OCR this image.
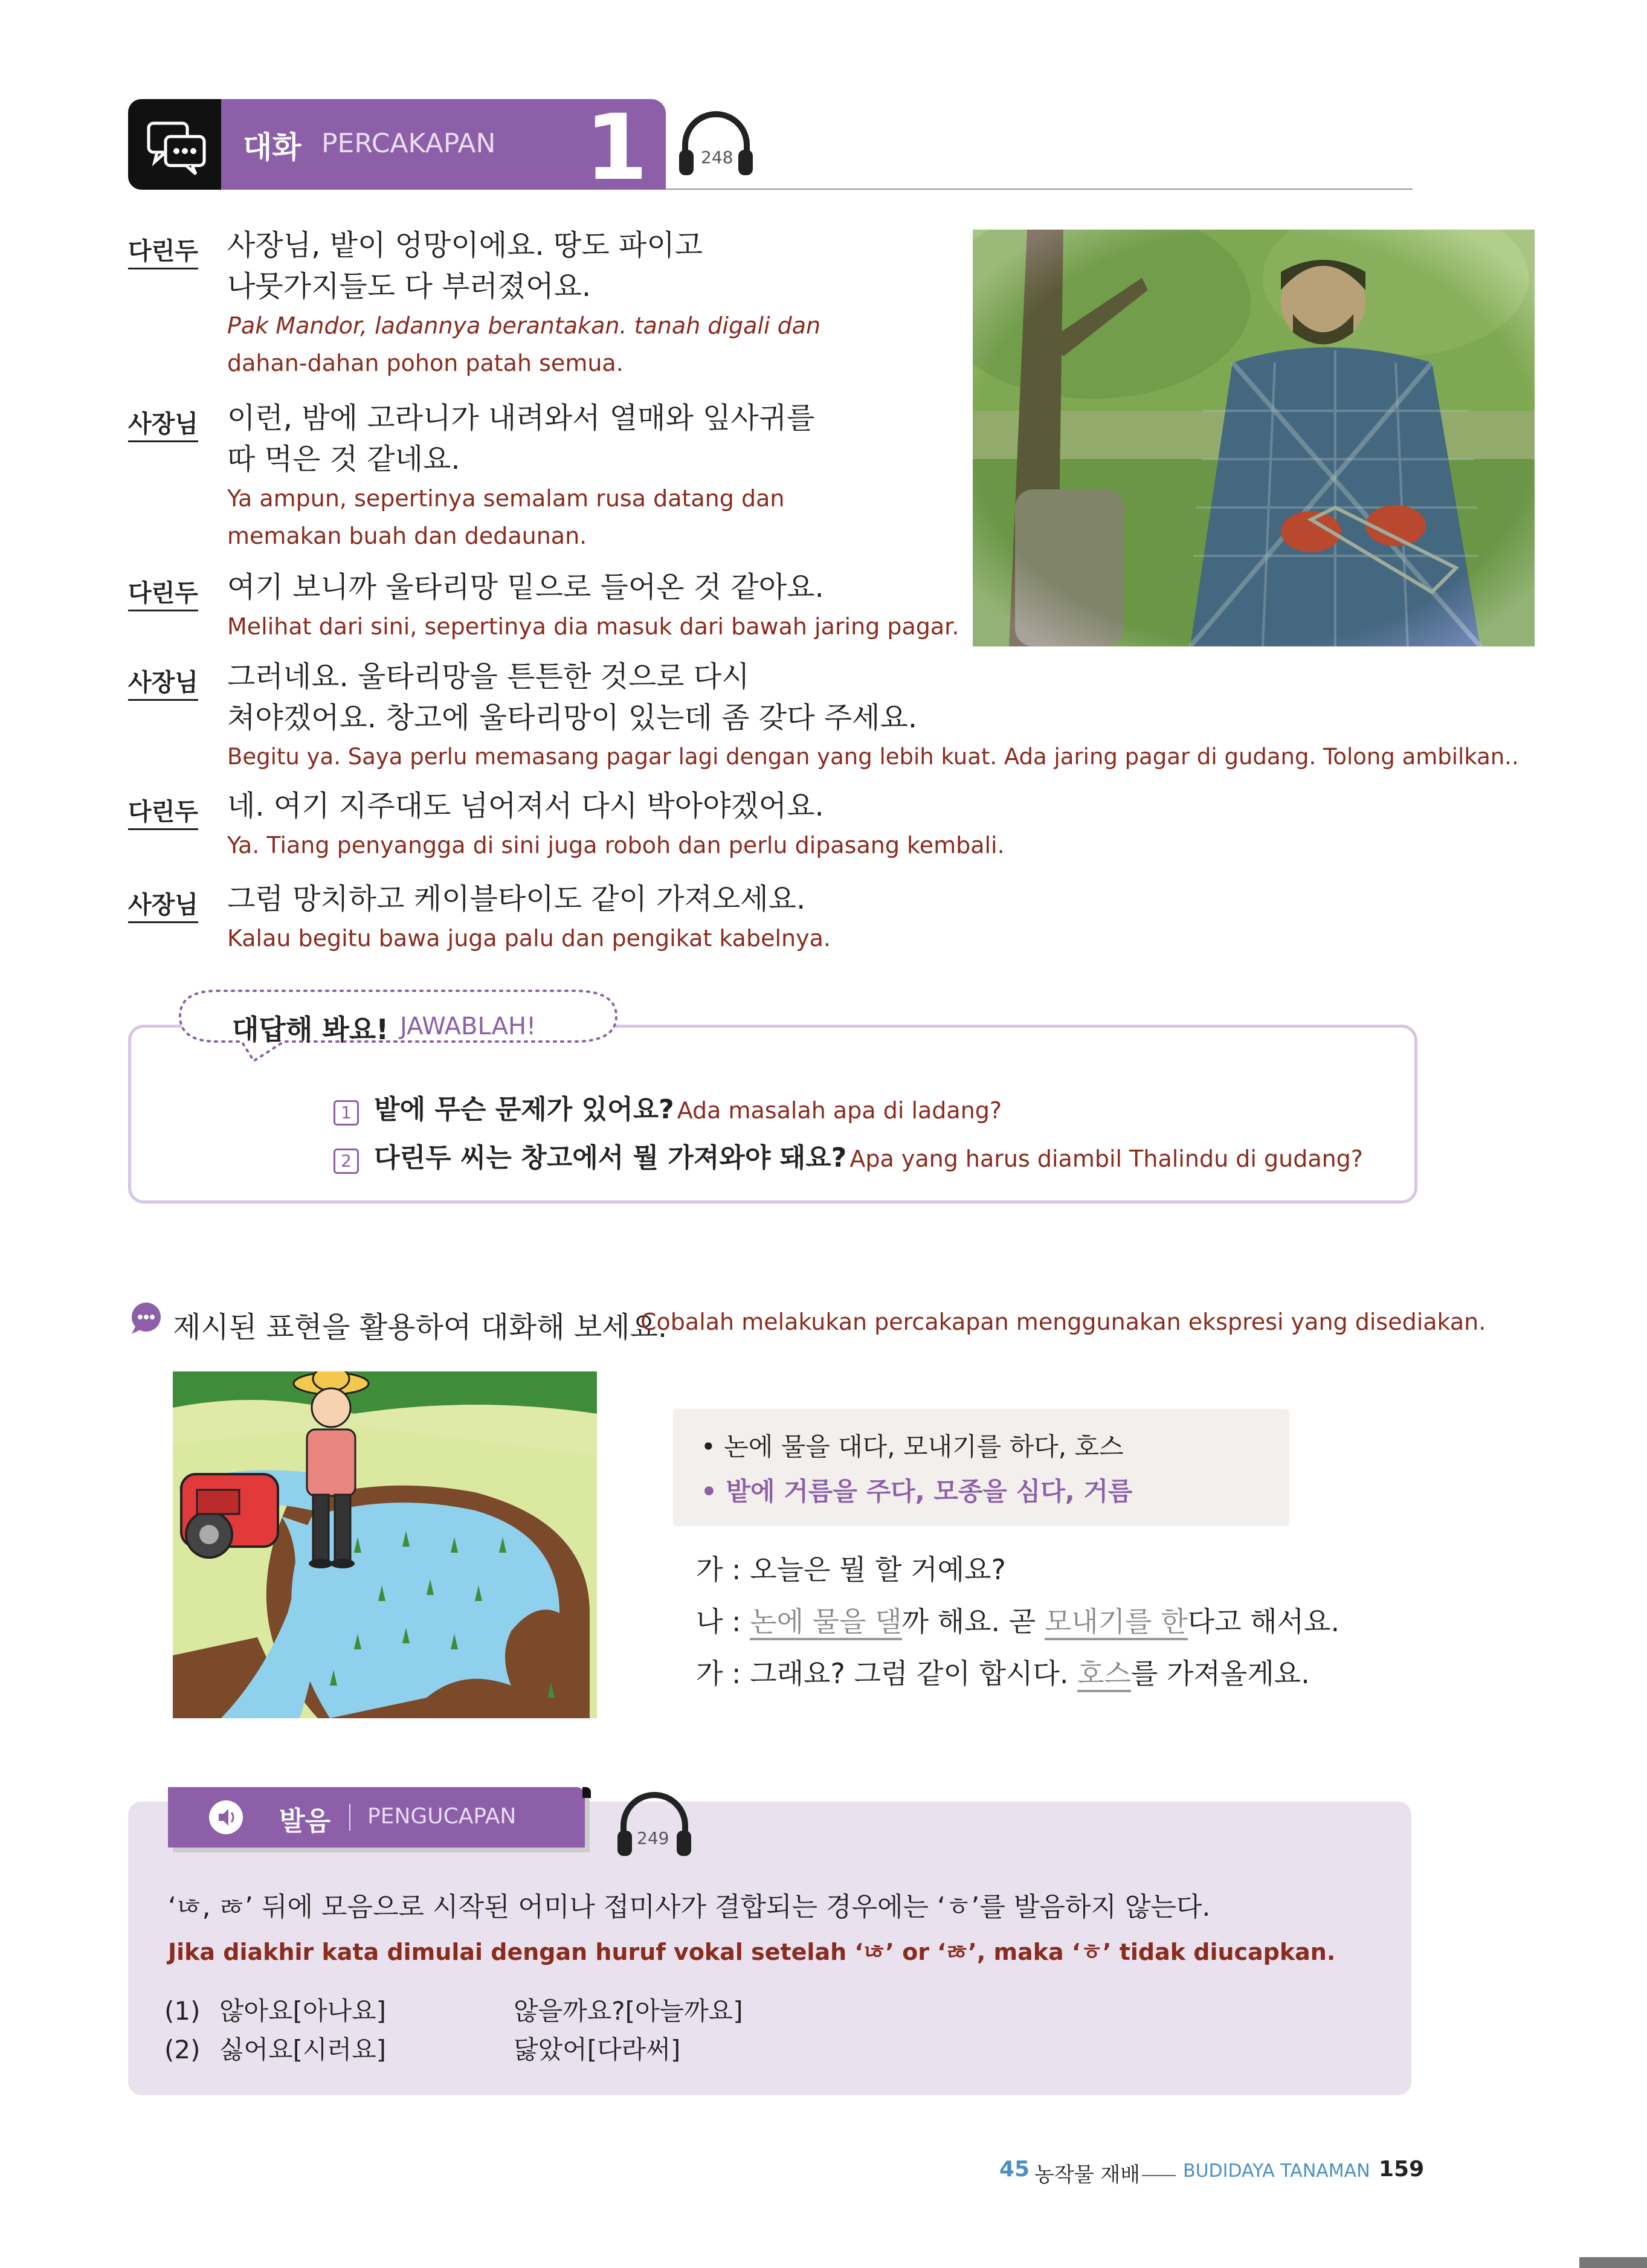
대화 PERCAKAPAN 1	248
다린두 사장님, 밭이 엉망이에요. 땅도 파이고
나뭇가지들도 다 부러졌어요.
Pak Mandor, ladannya berantakan. tanah digali dan
dahan-dahan pohon patah semua.
사장님 이런, 밤에 고라니가 내려와서 열매와 잎사귀를
따 먹은 것 같네요.
Ya ampun, sepertinya semalam rusa datang dan
memakan buah dan dedaunan.
다린두 여기 보니까 울타리망 밑으로 들어온 것 같아요.
Melihat dari sini, sepertinya dia masuk dari bawah jaring pagar.
사장님 그러네요. 울타리망을 튼튼한 것으로 다시
쳐야겠어요. 창고에 울타리망이 있는데 좀 갖다 주세요.
Begitu ya. Saya perlu memasang pagar lagi dengan yang lebih kuat. Ada jaring pagar di gudang. Tolong ambilkan..
다린두 네. 여기 지주대도 넘어져서 다시 박아야겠어요.
Ya. Tiang penyangga di sini juga roboh dan perlu dipasang kembali.
사장님 그럼 망치하고 케이블타이도 같이 가져오세요.
Kalau begitu bawa juga palu dan pengikat kabelnya.
대답해 봐요! JAWABLAH!
1 밭에 무슨 문제가 있어요? Ada masalah apa di ladang?
2 다린두 씨는 창고에서 뭘 가져와야 돼요? Apa yang harus diambil Thalindu di gudang?
제시된 표현을 활용하여 대화해 보세요.
Cobalah melakukan percakapan menggunakan ekspresi yang disediakan.
• 논에 물을 대다, 모내기를 하다, 호스
• 밭에 거름을 주다, 모종을 심다, 거름
가 : 오늘은 뭘 할 거예요?
나 : 논에 물을 댈까 해요. 곧 모내기를 한다고 해서요.
가 : 그래요? 그럼 같이 합시다. 호스를 가져올게요.
발음 PENGUCAPAN
249
‘ㄶ, ㅀ’ 뒤에 모음으로 시작된 어미나 접미사가 결합되는 경우에는 ‘ㅎ’를 발음하지 않는다.
Jika diakhir kata dimulai dengan huruf vokal setelah ‘ㄶ’ or ‘ㅀ’, maka ‘ㅎ’ tidak diucapkan.
(1) 않아요[아나요]	않을까요?[아늘까요]
(2) 싫어요[시러요]	닳았어[다라써]
45 농작물 재배 BUDIDAYA TANAMAN 159
